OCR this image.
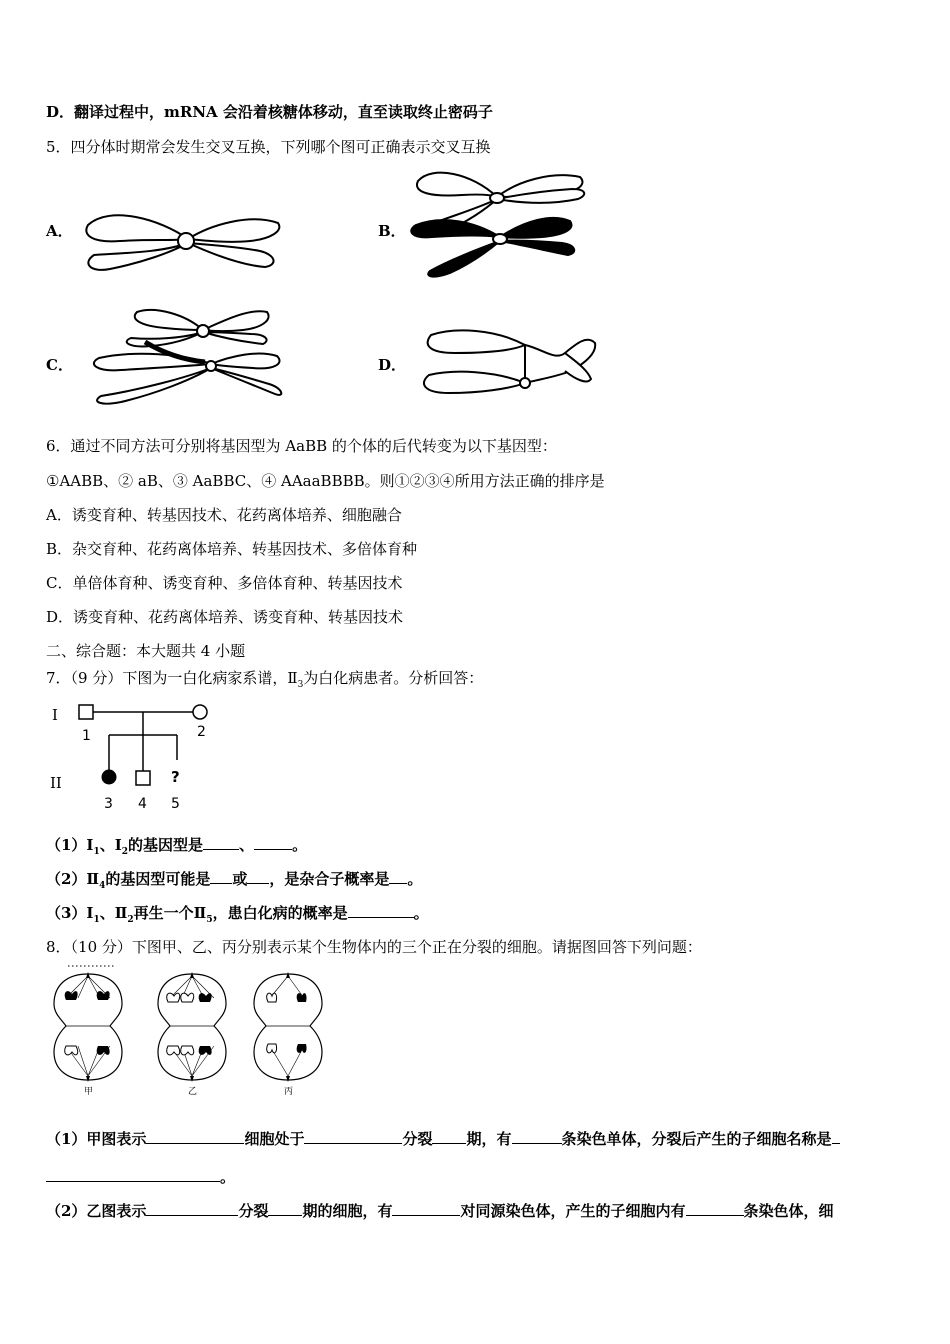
D．翻译过程中，mRNA 会沿着核糖体移动，直至读取终止密码子
5．四分体时期常会发生交叉互换，下列哪个图可正确表示交叉互换
A．	B．
C．	D．
6．通过不同方法可分别将基因型为 AaBB 的个体的后代转变为以下基因型：
①AABB、② aB、③ AaBBC、④ AAaaBBBB。则①②③④所用方法正确的排序是
A．诱变育种、转基因技术、花药离体培养、细胞融合
B．杂交育种、花药离体培养、转基因技术、多倍体育种
C．单倍体育种、诱变育种、多倍体育种、转基因技术
D．诱变育种、花药离体培养、诱变育种、转基因技术
二、综合题：本大题共 4 小题
7．（9 分）下图为一白化病家系谱，$Ⅱ_3$为白化病患者。分析回答：
I
II	?
1	2
3 4 5
$(1)Ⅰ_1$、$Ⅰ_2$的基因型是 、	。
$(2)Ⅱ_4$的基因型可能是 或 ，是杂合子概率是 。
$(3)Ⅰ_1$、$Ⅱ_2$再生一个$Ⅱ_5$，患白化病的概率是	。
8．（10 分）下图甲、乙、丙分别表示某个生物体内的三个正在分裂的细胞。请据图回答下列问题：
甲	乙	丙
（1）甲图表示	细胞处于	分裂 期，有	条染色单体，分裂后产生的子细胞名称是
。
（2）乙图表示	分裂 期的细胞，有	对同源染色体，产生的子细胞内有	条染色体，细
